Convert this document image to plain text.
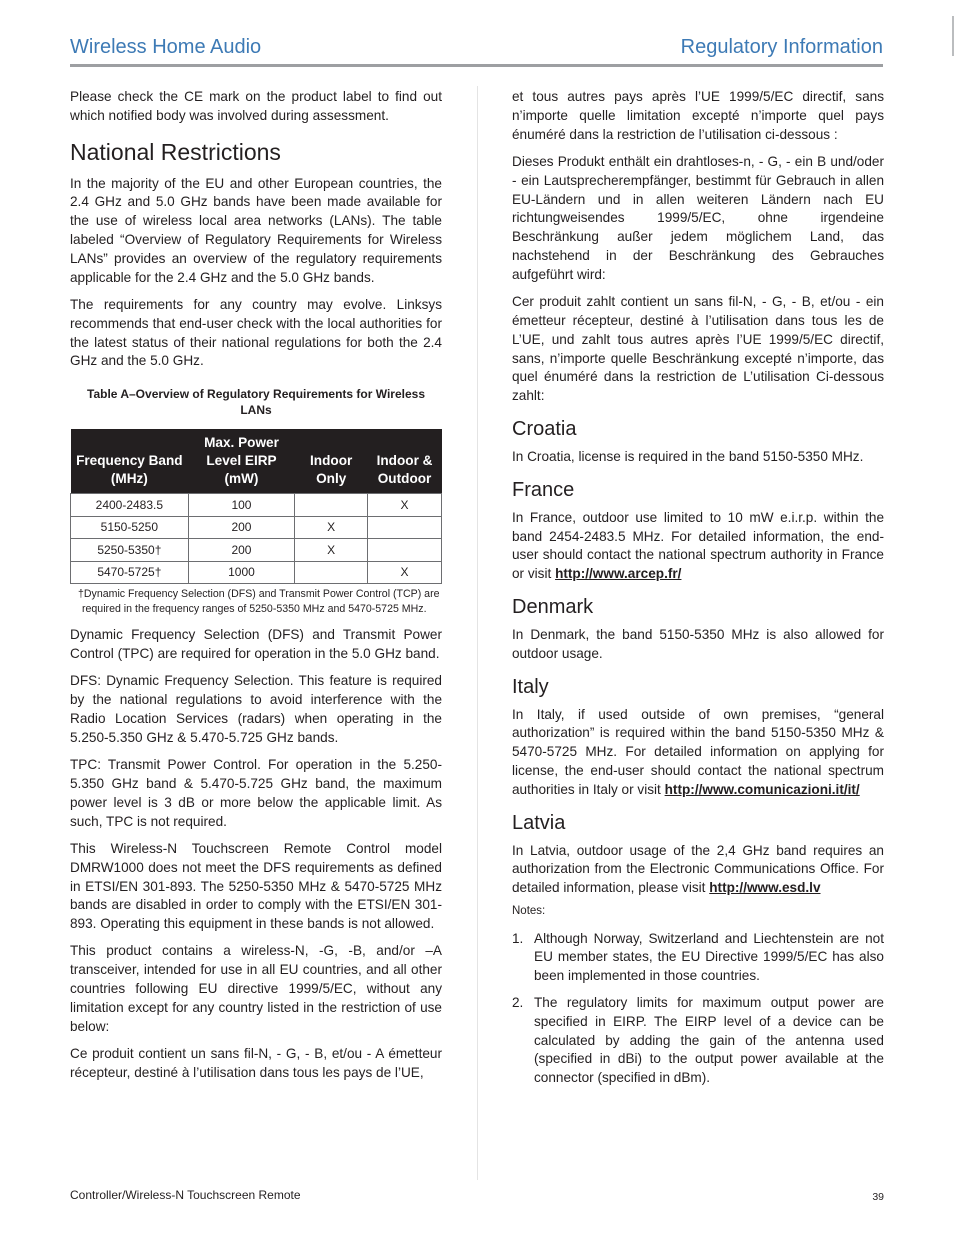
Wireless Home Audio	Regulatory Information

Please check the CE mark on the product label to find out which notified body was involved during assessment.

National Restrictions

In the majority of the EU and other European countries, the 2.4 GHz and 5.0 GHz bands have been made available for the use of wireless local area networks (LANs). The table labeled “Overview of Regulatory Requirements for Wireless LANs” provides an overview of the regulatory requirements applicable for the 2.4 GHz and the 5.0 GHz bands.

The requirements for any country may evolve. Linksys recommends that end-user check with the local authorities for the latest status of their national regulations for both the 2.4 GHz and the 5.0 GHz.

Table A–Overview of Regulatory Requirements for Wireless LANs
Frequency Band (MHz)	Max. Power Level EIRP (mW)	Indoor Only	Indoor & Outdoor
2400-2483.5	100		X
5150-5250	200	X	
5250-5350†	200	X	
5470-5725†	1000		X
†Dynamic Frequency Selection (DFS) and Transmit Power Control (TCP) are required in the frequency ranges of 5250-5350 MHz and 5470-5725 MHz.

Dynamic Frequency Selection (DFS) and Transmit Power Control (TPC) are required for operation in the 5.0 GHz band.

DFS: Dynamic Frequency Selection. This feature is required by the national regulations to avoid interference with the Radio Location Services (radars) when operating in the 5.250-5.350 GHz & 5.470-5.725 GHz bands.

TPC: Transmit Power Control. For operation in the 5.250-5.350 GHz band & 5.470-5.725 GHz band, the maximum power level is 3 dB or more below the applicable limit. As such, TPC is not required.

This Wireless-N Touchscreen Remote Control model DMRW1000 does not meet the DFS requirements as defined in ETSI/EN 301-893. The 5250-5350 MHz & 5470-5725 MHz bands are disabled in order to comply with the ETSI/EN 301-893. Operating this equipment in these bands is not allowed.

This product contains a wireless-N, -G, -B, and/or –A transceiver, intended for use in all EU countries, and all other countries following EU directive 1999/5/EC, without any limitation except for any country listed in the restriction of use below:

Ce produit contient un sans fil-N, - G, - B, et/ou - A émetteur récepteur, destiné à l’utilisation dans tous les pays de l’UE,

et tous autres pays après l’UE 1999/5/EC directif, sans n’importe quelle limitation excepté n’importe quel pays énuméré dans la restriction de l’utilisation ci-dessous :

Dieses Produkt enthält ein drahtloses-n, - G, - ein B und/oder - ein Lautsprecherempfänger, bestimmt für Gebrauch in allen EU-Ländern und in allen weiteren Ländern nach EU richtungweisendes 1999/5/EC, ohne irgendeine Beschränkung außer jedem möglichem Land, das nachstehend in der Beschränkung des Gebrauches aufgeführt wird:

Cer produit zahlt contient un sans fil-N, - G, - B, et/ou - ein émetteur récepteur, destiné à l’utilisation dans tous les de L’UE, und zahlt tous autres après l’UE 1999/5/EC directif, sans, n’importe quelle Beschränkung excepté n’importe, das quel énuméré dans la restriction de L’utilisation Ci-dessous zahlt:

Croatia

In Croatia, license is required in the band 5150-5350 MHz.

France

In France, outdoor use limited to 10 mW e.i.r.p. within the band 2454-2483.5 MHz. For detailed information, the end-user should contact the national spectrum authority in France or visit http://www.arcep.fr/

Denmark

In Denmark, the band 5150-5350 MHz is also allowed for outdoor usage.

Italy

In Italy, if used outside of own premises, “general authorization” is required within the band 5150-5350 MHz & 5470-5725 MHz. For detailed information on applying for license, the end-user should contact the national spectrum authorities in Italy or visit http://www.comunicazioni.it/it/

Latvia

In Latvia, outdoor usage of the 2,4 GHz band requires an authorization from the Electronic Communications Office. For detailed information, please visit http://www.esd.lv

Notes:
1. Although Norway, Switzerland and Liechtenstein are not EU member states, the EU Directive 1999/5/EC has also been implemented in those countries.
2. The regulatory limits for maximum output power are specified in EIRP. The EIRP level of a device can be calculated by adding the gain of the antenna used (specified in dBi) to the output power available at the connector (specified in dBm).
Controller/Wireless-N Touchscreen Remote	39
